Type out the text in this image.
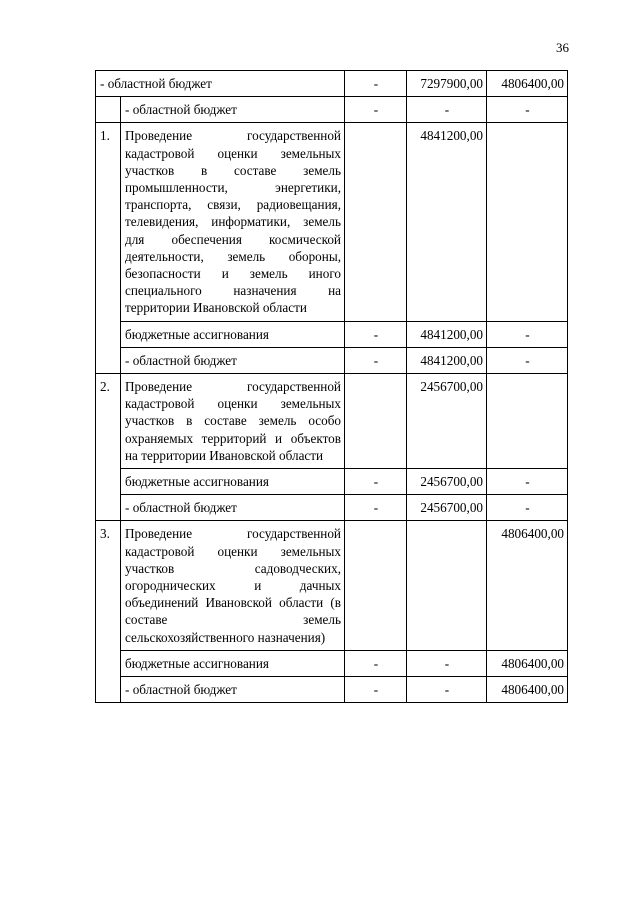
36
- областной бюджет		-	7297900,00	4806400,00
	- областной бюджет	-	-	-
1.	Проведение государственной кадастровой оценки земельных участков в составе земель промышленности, энергетики, транспорта, связи, радиовещания, телевидения, информатики, земель для обеспечения космической деятельности, земель обороны, безопасности и земель иного специального назначения на территории Ивановской области		4841200,00	
	бюджетные ассигнования	-	4841200,00	-
	- областной бюджет	-	4841200,00	-
2.	Проведение государственной кадастровой оценки земельных участков в составе земель особо охраняемых территорий и объектов на территории Ивановской области		2456700,00	
	бюджетные ассигнования	-	2456700,00	-
	- областной бюджет	-	2456700,00	-
3.	Проведение государственной кадастровой оценки земельных участков садоводческих, огороднических и дачных объединений Ивановской области (в составе земель сельскохозяйственного назначения)			4806400,00
	бюджетные ассигнования	-	-	4806400,00
	- областной бюджет	-	-	4806400,00
